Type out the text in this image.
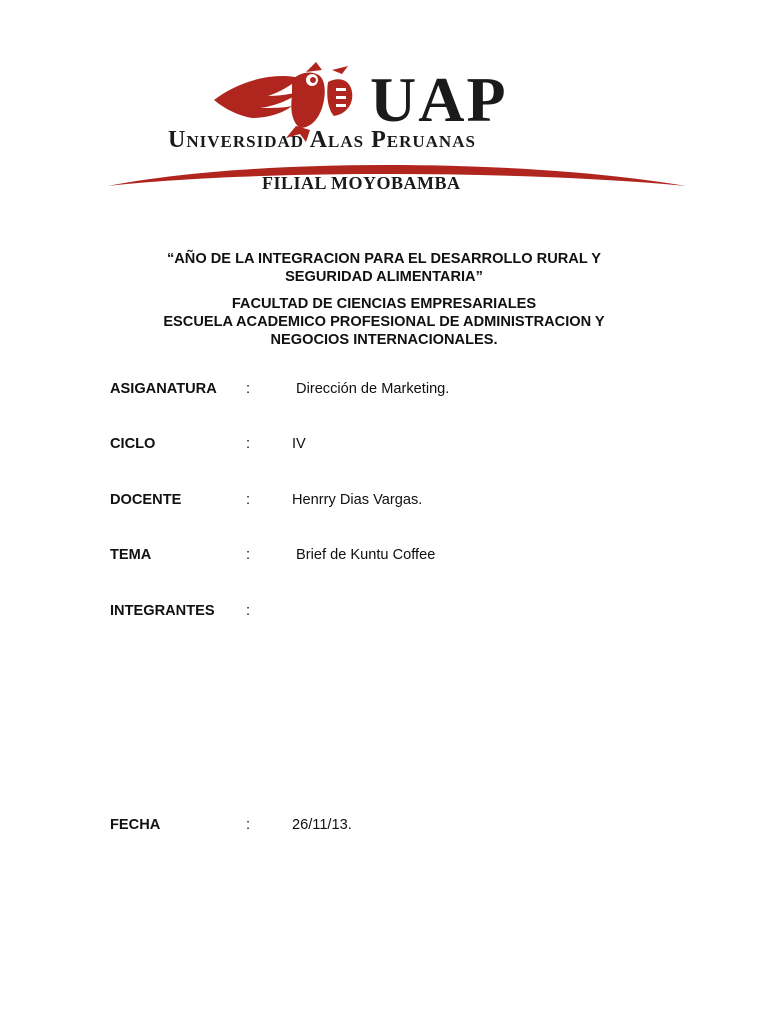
UAP
Universidad Alas Peruanas
FILIAL MOYOBAMBA
“AÑO DE LA INTEGRACION PARA EL DESARROLLO RURAL Y
SEGURIDAD ALIMENTARIA”
FACULTAD DE CIENCIAS EMPRESARIALES
ESCUELA ACADEMICO PROFESIONAL DE ADMINISTRACION Y
NEGOCIOS INTERNACIONALES.
ASIGANATURA :	Dirección de Marketing.
CICLO	:	IV
DOCENTE	:	Henrry Dias Vargas.
TEMA	:	Brief de Kuntu Coffee
INTEGRANTES :
FECHA	:	26/11/13.
